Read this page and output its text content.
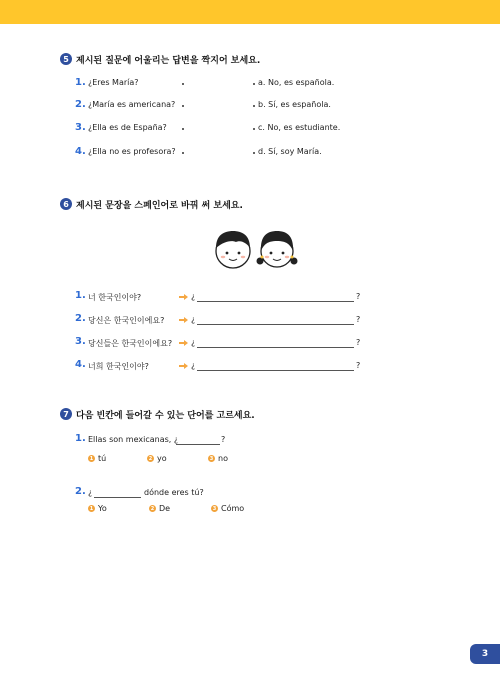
5 제시된 질문에 어울리는 답변을 짝지어 보세요.
1. ¿Eres María?	a. No, es española.
2. ¿María es americana?	b. Sí, es española.
3. ¿Ella es de España?	c. No, es estudiante.
4. ¿Ella no es profesora?	d. Sí, soy María.
6 제시된 문장을 스페인어로 바꿔 써 보세요.
1. 너 한국인이야?	¿	?
2. 당신은 한국인이에요?	¿	?
3. 당신들은 한국인이에요? ¿	?
4. 너희 한국인이야?	¿	?
7 다음 빈칸에 들어갈 수 있는 단어를 고르세요.
1. Ellas son mexicanas, ¿	?
1 tú	2 yo	3 no
2. ¿	dónde eres tú?
1 Yo	2 De	3 Cómo
3
